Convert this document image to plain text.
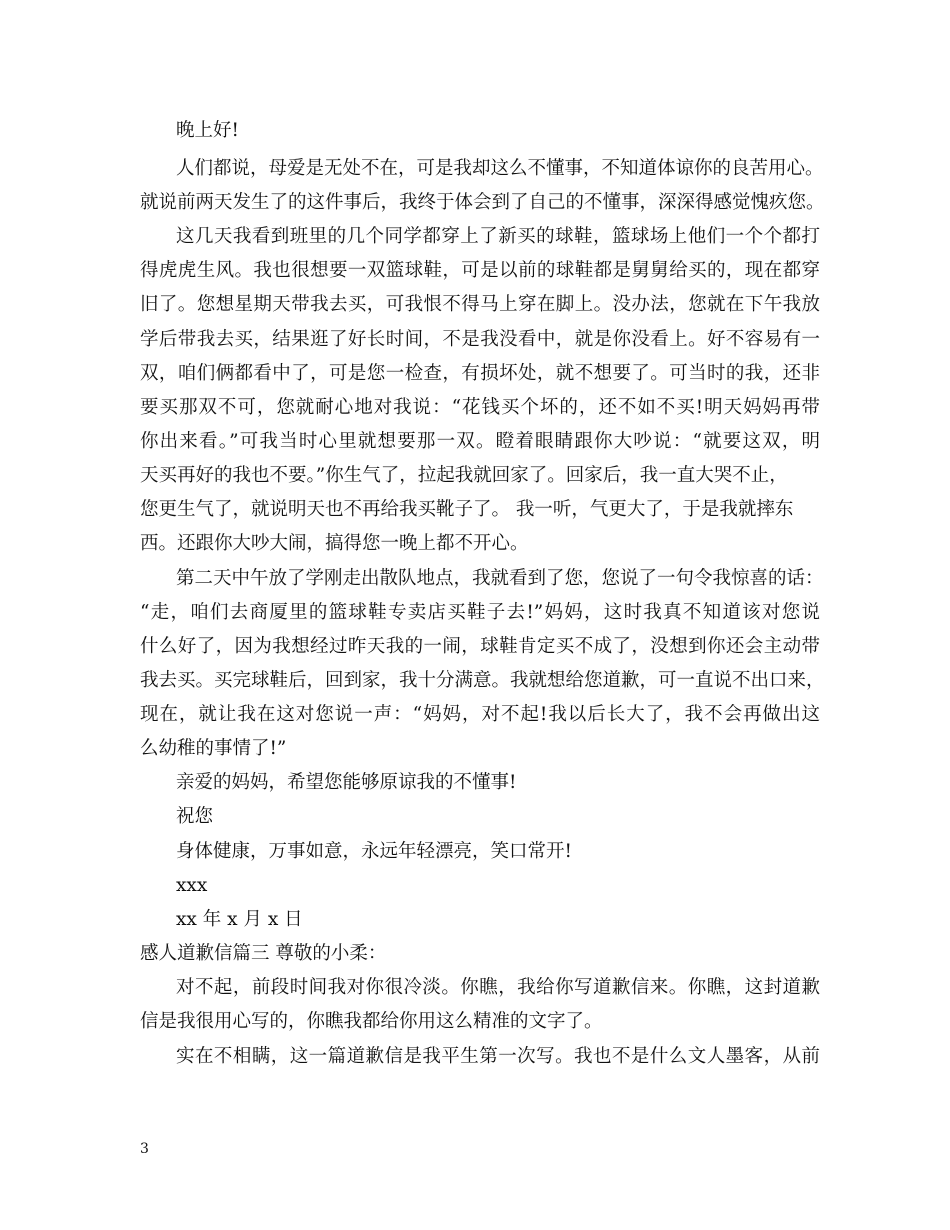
晚上好!
人们都说，母爱是无处不在，可是我却这么不懂事，不知道体谅你的良苦用心。
就说前两天发生了的这件事后，我终于体会到了自己的不懂事，深深得感觉愧疚您。
这几天我看到班里的几个同学都穿上了新买的球鞋，篮球场上他们一个个都打
得虎虎生风。我也很想要一双篮球鞋，可是以前的球鞋都是舅舅给买的，现在都穿
旧了。您想星期天带我去买，可我恨不得马上穿在脚上。没办法，您就在下午我放
学后带我去买，结果逛了好长时间，不是我没看中，就是你没看上。好不容易有一
双，咱们俩都看中了，可是您一检查，有损坏处，就不想要了。可当时的我，还非
要买那双不可，您就耐心地对我说：“花钱买个坏的，还不如不买!明天妈妈再带
你出来看。”可我当时心里就想要那一双。瞪着眼睛跟你大吵说：“就要这双，明
天买再好的我也不要。”你生气了，拉起我就回家了。回家后，我一直大哭不止，
您更生气了，就说明天也不再给我买靴子了。 我一听，气更大了，于是我就摔东
西。还跟你大吵大闹，搞得您一晚上都不开心。
第二天中午放了学刚走出散队地点，我就看到了您，您说了一句令我惊喜的话：
“走，咱们去商厦里的篮球鞋专卖店买鞋子去!”妈妈，这时我真不知道该对您说
什么好了，因为我想经过昨天我的一闹，球鞋肯定买不成了，没想到你还会主动带
我去买。买完球鞋后，回到家，我十分满意。我就想给您道歉，可一直说不出口来，
现在，就让我在这对您说一声：“妈妈，对不起!我以后长大了，我不会再做出这
么幼稚的事情了!”
亲爱的妈妈，希望您能够原谅我的不懂事!
祝您
身体健康，万事如意，永远年轻漂亮，笑口常开!
xxx
xx 年 x 月 x 日
感人道歉信篇三 尊敬的小柔：
对不起，前段时间我对你很冷淡。你瞧，我给你写道歉信来。你瞧，这封道歉
信是我很用心写的，你瞧我都给你用这么精准的文字了。
实在不相瞒，这一篇道歉信是我平生第一次写。我也不是什么文人墨客，从前
3
